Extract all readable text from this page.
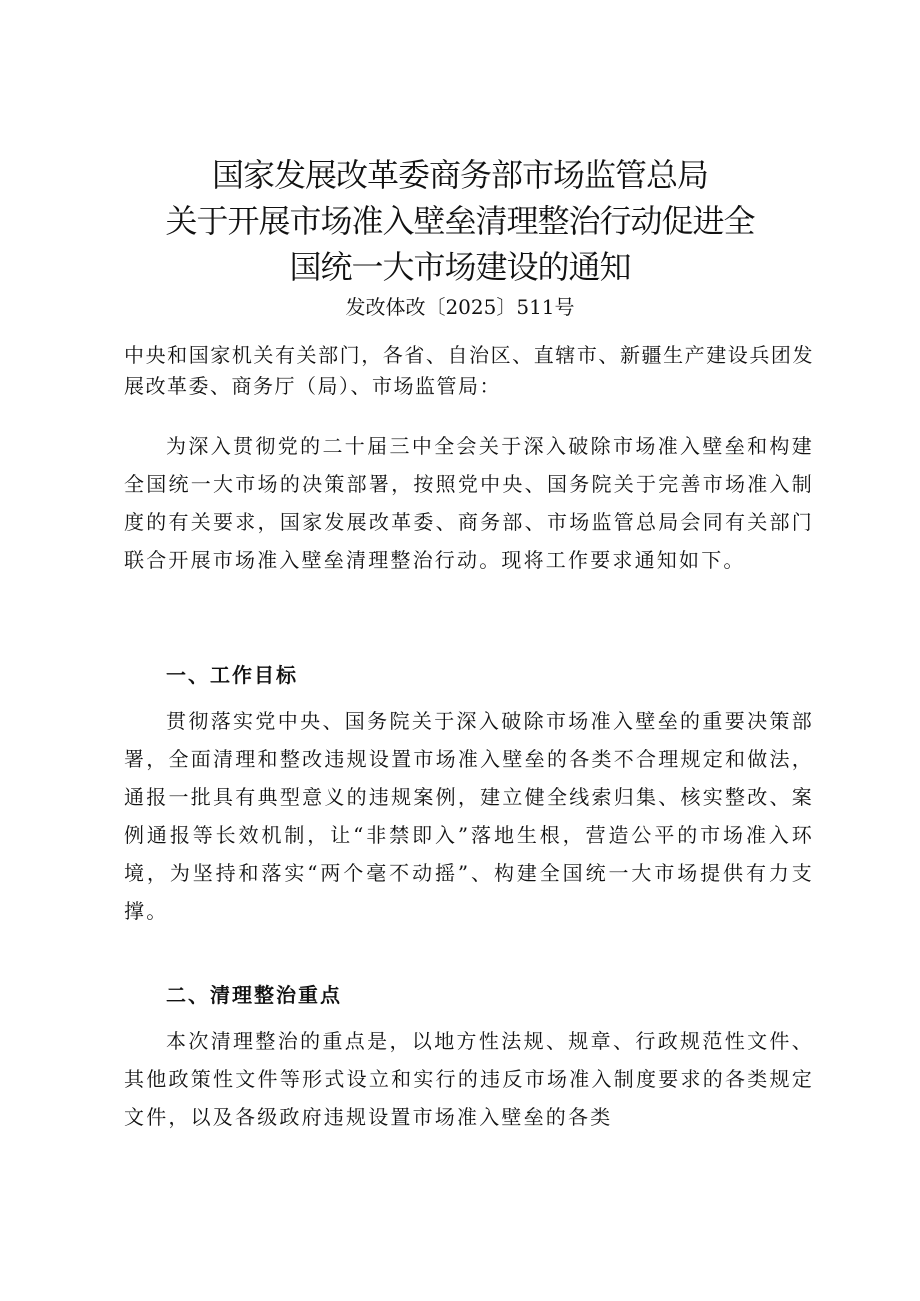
国家发展改革委商务部市场监管总局
关于开展市场准入壁垒清理整治行动促进全
国统一大市场建设的通知
发改体改〔2025〕511号
中央和国家机关有关部门，各省、自治区、直辖市、新疆生产建设兵团发展改革委、商务厅（局）、市场监管局：

为深入贯彻党的二十届三中全会关于深入破除市场准入壁垒和构建全国统一大市场的决策部署，按照党中央、国务院关于完善市场准入制度的有关要求，国家发展改革委、商务部、市场监管总局会同有关部门联合开展市场准入壁垒清理整治行动。现将工作要求通知如下。

一、工作目标

贯彻落实党中央、国务院关于深入破除市场准入壁垒的重要决策部署，全面清理和整改违规设置市场准入壁垒的各类不合理规定和做法，通报一批具有典型意义的违规案例，建立健全线索归集、核实整改、案例通报等长效机制，让“非禁即入”落地生根，营造公平的市场准入环境，为坚持和落实“两个毫不动摇”、构建全国统一大市场提供有力支撑。

二、清理整治重点

本次清理整治的重点是，以地方性法规、规章、行政规范性文件、其他政策性文件等形式设立和实行的违反市场准入制度要求的各类规定文件，以及各级政府违规设置市场准入壁垒的各类
